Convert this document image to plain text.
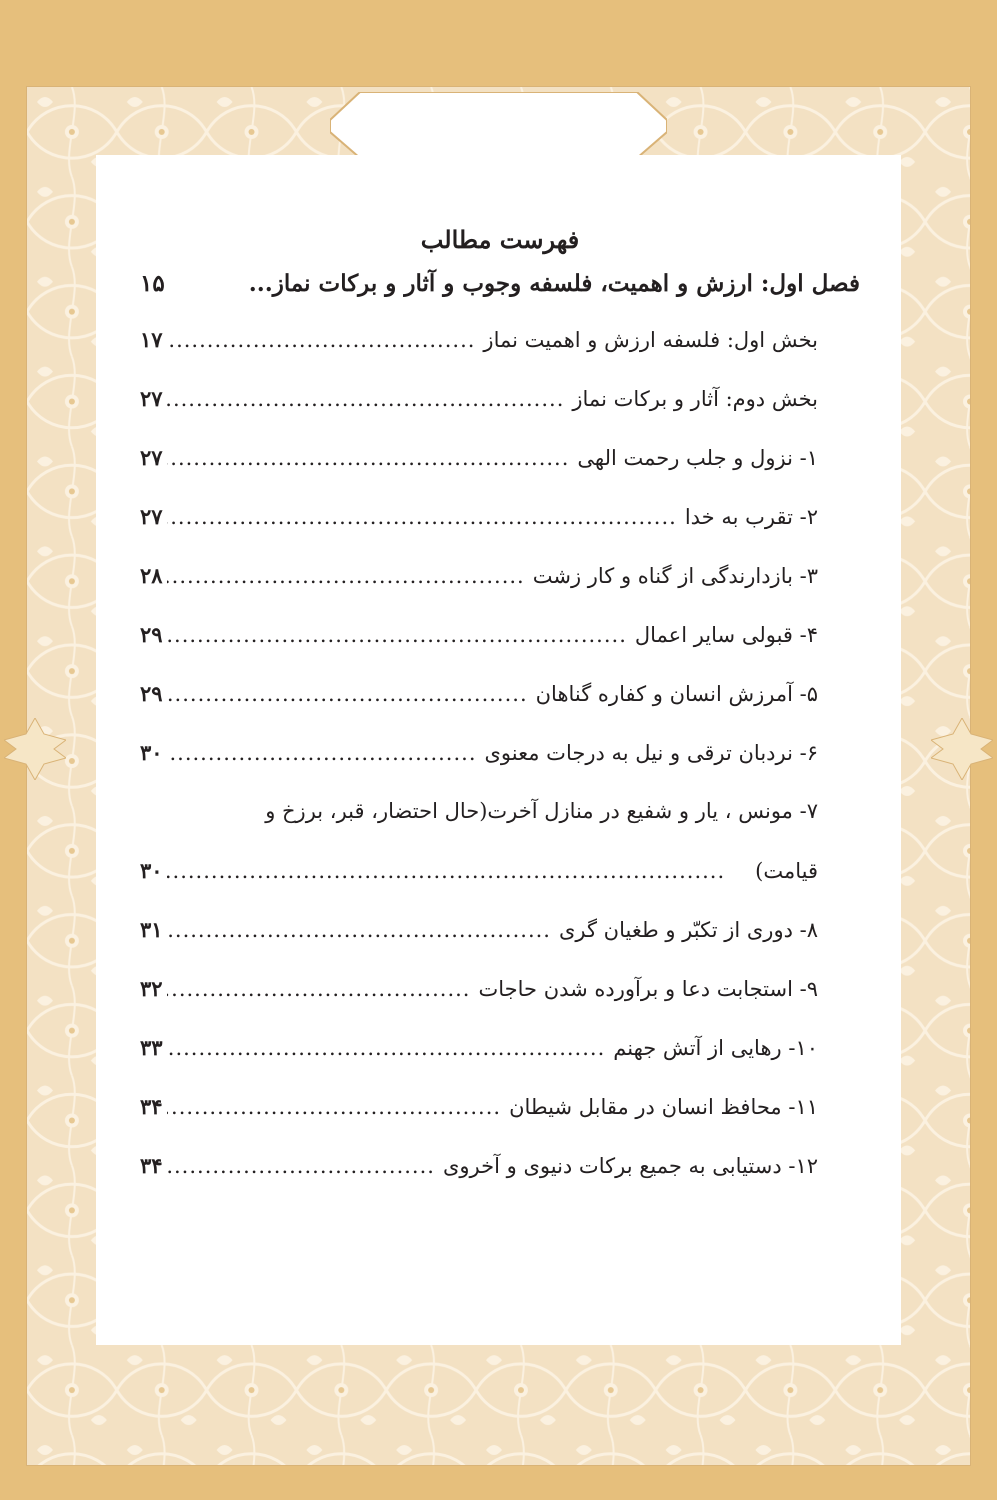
فهرست مطالب
فصل اول: ارزش و اهمیت، فلسفه وجوب و آثار و برکات نماز...
۱۵
بخش اول: فلسفه ارزش و اهمیت نماز
.....
۱۷
بخش دوم: آثار و برکات نماز
.....
۲۷
۱- نزول و جلب رحمت الهی
.....
۲۷
۲- تقرب به خدا
.....
۲۷
۳- بازدارندگی از گناه و کار زشت
.....
۲۸
۴- قبولی سایر اعمال
.....
۲۹
۵- آمرزش انسان و کفاره گناهان
.....
۲۹
۶- نردبان ترقی و نیل به درجات معنوی
.....
۳۰
۷- مونس ، یار و شفیع در منازل آخرت(حال احتضار، قبر، برزخ و
قیامت)
.....
۳۰
۸- دوری از تکبّر و طغیان گری
.....
۳۱
۹- استجابت دعا و برآورده شدن حاجات
.....
۳۲
۱۰- رهایی از آتش جهنم
.....
۳۳
۱۱- محافظ انسان در مقابل شیطان
.....
۳۴
۱۲- دستیابی به جمیع برکات دنیوی و آخروی
.....
۳۴
